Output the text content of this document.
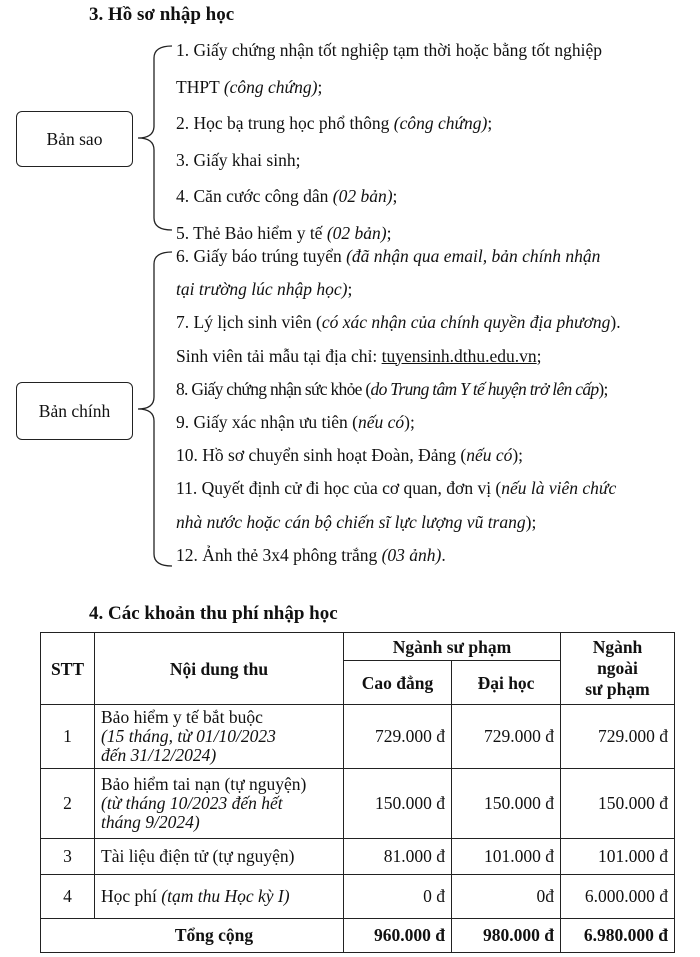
3. Hồ sơ nhập học
Bản sao
Bản chính
1. Giấy chứng nhận tốt nghiệp tạm thời hoặc bằng tốt nghiệp
THPT (công chứng);
2. Học bạ trung học phổ thông (công chứng);
3. Giấy khai sinh;
4. Căn cước công dân (02 bản);
5. Thẻ Bảo hiểm y tế (02 bản);
6. Giấy báo trúng tuyển (đã nhận qua email, bản chính nhận
tại trường lúc nhập học);
7. Lý lịch sinh viên (có xác nhận của chính quyền địa phương).
Sinh viên tải mẫu tại địa chỉ: tuyensinh.dthu.edu.vn;
8. Giấy chứng nhận sức khỏe (do Trung tâm Y tế huyện trở lên cấp);
9. Giấy xác nhận ưu tiên (nếu có);
10. Hồ sơ chuyển sinh hoạt Đoàn, Đảng (nếu có);
11. Quyết định cử đi học của cơ quan, đơn vị (nếu là viên chức
nhà nước hoặc cán bộ chiến sĩ lực lượng vũ trang);
12. Ảnh thẻ 3x4 phông trắng (03 ảnh).
4. Các khoản thu phí nhập học
STT	Nội dung thu	Ngành sư phạm		Ngành
ngoài
sư phạm
		Cao đẳng	Đại học	
1	Bảo hiểm y tế bắt buộc
(15 tháng, từ 01/10/2023
đến 31/12/2024)	729.000 đ	729.000 đ	729.000 đ
2	Bảo hiểm tai nạn (tự nguyện)
(từ tháng 10/2023 đến hết
tháng 9/2024)	150.000 đ	150.000 đ	150.000 đ
3	Tài liệu điện tử (tự nguyện)	81.000 đ	101.000 đ	101.000 đ
4	Học phí (tạm thu Học kỳ I)	0 đ	0đ	6.000.000 đ
Tổng cộng		960.000 đ	980.000 đ	6.980.000 đ
